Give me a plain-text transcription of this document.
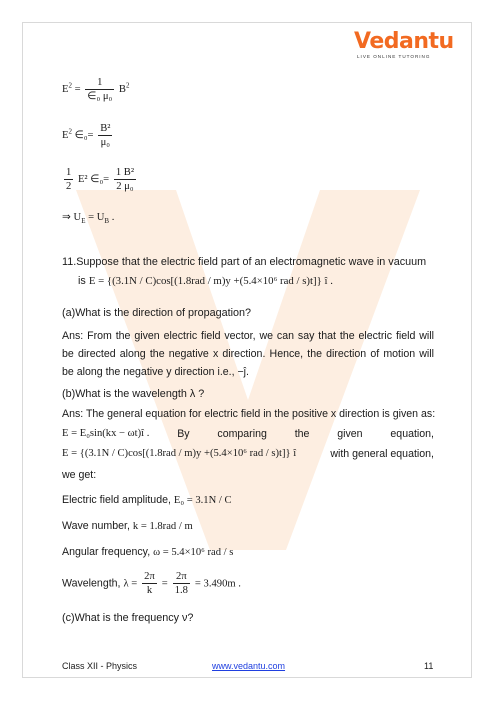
Vedantu
LIVE ONLINE TUTORING
$E^2 = \frac{1}{\text{∈₀ μ₀}} B^2$
$E^2$ ∈₀= $\frac{\text{B²}}{\text{μ₀}}$
$\frac{1}{2} E^2$ ∈₀= $\frac{\text{1 B²}}{\text{2 μ₀}}$
⇒ $U_E = U_B$ .
11.Suppose that the electric field part of an electromagnetic wave in vacuum
is E = {(3.1N / C)cos[(1.8rad / m)y +(5.4×10⁶ rad / s)t]} î .
(a)What is the direction of propagation?
Ans: From the given electric field vector, we can say that the electric field will be directed along the negative x direction. Hence, the direction of motion will be along the negative y direction i.e., −ĵ.
(b)What is the wavelength λ ?
Ans: The general equation for electric field in the positive x direction is given as:
E = E₀sin(kx − ωt)î .	By	comparing	the	given	equation,
E = {(3.1N / C)cos[(1.8rad / m)y +(5.4×10⁶ rad / s)t]} î	with general equation,
we get:
Electric field amplitude, E₀ = 3.1N / C
Wave number, k = 1.8rad / m
Angular frequency, ω = 5.4×10⁶ rad / s
Wavelength, $\lambda = \frac{2\pi}{k} = \frac{2\pi}{1.8} = 3.490m$ .
(c)What is the frequency ν?
Class XII - Physics	www.vedantu.com	11
